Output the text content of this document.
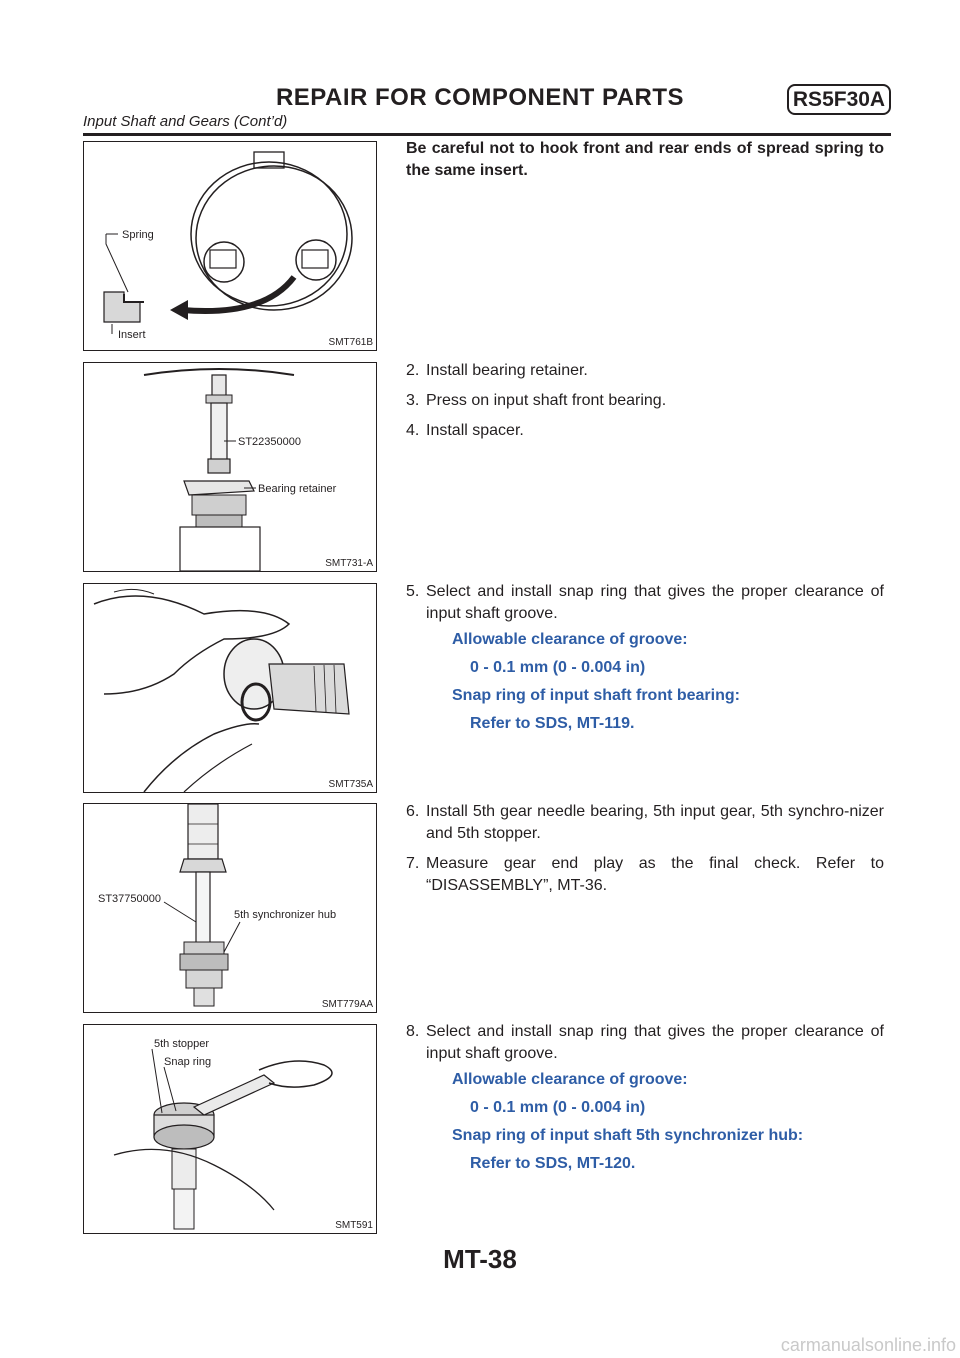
REPAIR FOR COMPONENT PARTS	RS5F30A
Input Shaft and Gears (Cont’d)
Spring
Insert
SMT761B
ST22350000
Bearing retainer
SMT731-A
SMT735A
ST37750000
5th synchronizer hub
SMT779AA
5th stopper
Snap ring
SMT591
Be careful not to hook front and rear ends of spread spring to the same insert.
2. Install bearing retainer.
3. Press on input shaft front bearing.
4. Install spacer.
5. Select and install snap ring that gives the proper clearance of input shaft groove.
Allowable clearance of groove:
0 - 0.1 mm (0 - 0.004 in)
Snap ring of input shaft front bearing:
Refer to SDS, MT-119.
6. Install 5th gear needle bearing, 5th input gear, 5th synchro-nizer and 5th stopper.
7. Measure gear end play as the final check. Refer to “DISASSEMBLY”, MT-36.
8. Select and install snap ring that gives the proper clearance of input shaft groove.
Allowable clearance of groove:
0 - 0.1 mm (0 - 0.004 in)
Snap ring of input shaft 5th synchronizer hub:
Refer to SDS, MT-120.
MT-38
carmanualsonline.info
